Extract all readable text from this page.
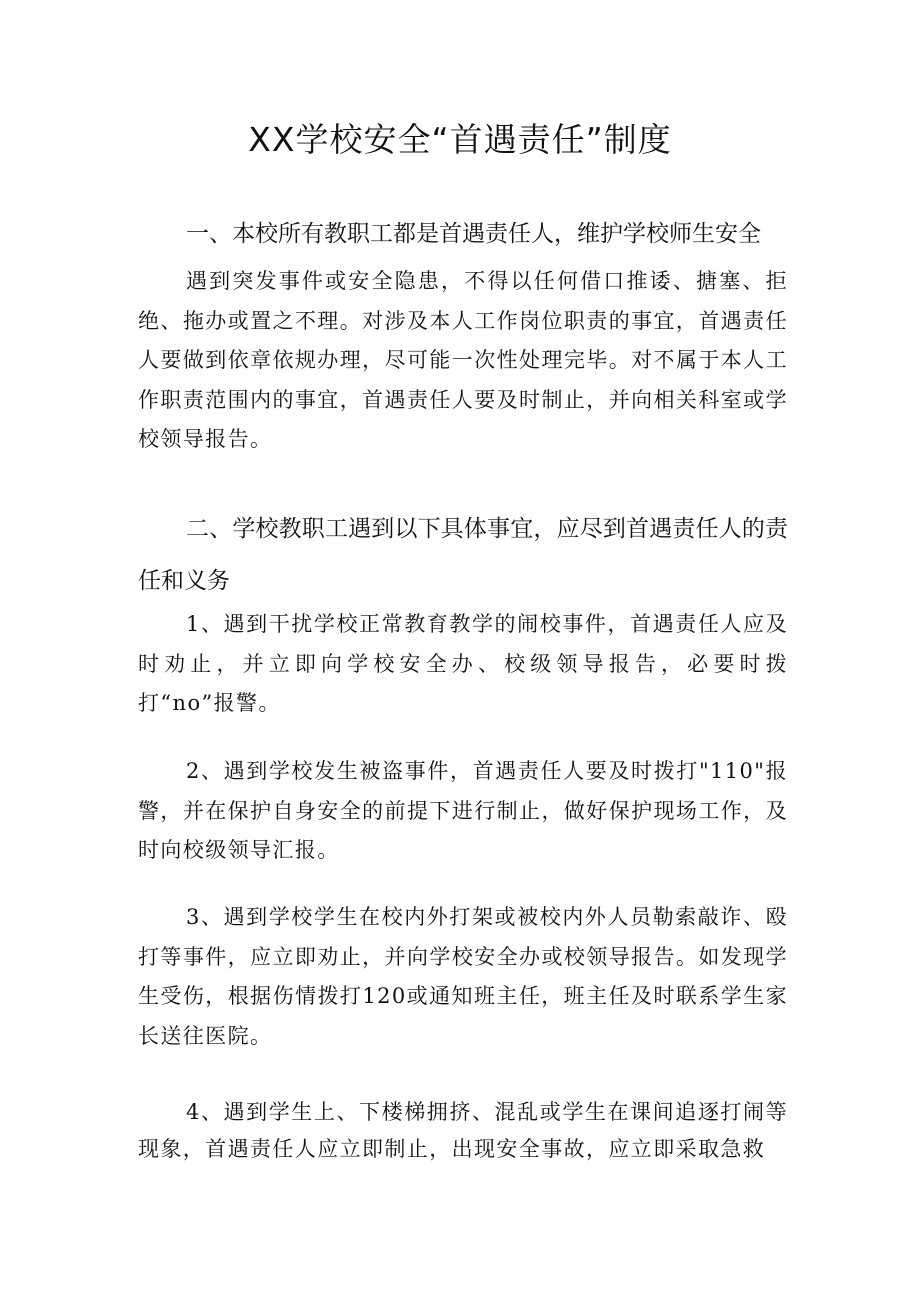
XX学校安全“首遇责任”制度
一、本校所有教职工都是首遇责任人，维护学校师生安全

遇到突发事件或安全隐患，不得以任何借口推诿、搪塞、拒绝、拖办或置之不理。对涉及本人工作岗位职责的事宜，首遇责任人要做到依章依规办理，尽可能一次性处理完毕。对不属于本人工作职责范围内的事宜，首遇责任人要及时制止，并向相关科室或学校领导报告。

二、学校教职工遇到以下具体事宜，应尽到首遇责任人的责任和义务

1、遇到干扰学校正常教育教学的闹校事件，首遇责任人应及时劝止，并立即向学校安全办、校级领导报告，必要时拨打“no”报警。

2、遇到学校发生被盗事件，首遇责任人要及时拨打"110"报警，并在保护自身安全的前提下进行制止，做好保护现场工作，及时向校级领导汇报。

3、遇到学校学生在校内外打架或被校内外人员勒索敲诈、殴打等事件，应立即劝止，并向学校安全办或校领导报告。如发现学生受伤，根据伤情拨打120或通知班主任，班主任及时联系学生家长送往医院。

4、遇到学生上、下楼梯拥挤、混乱或学生在课间追逐打闹等现象，首遇责任人应立即制止，出现安全事故，应立即采取急救
